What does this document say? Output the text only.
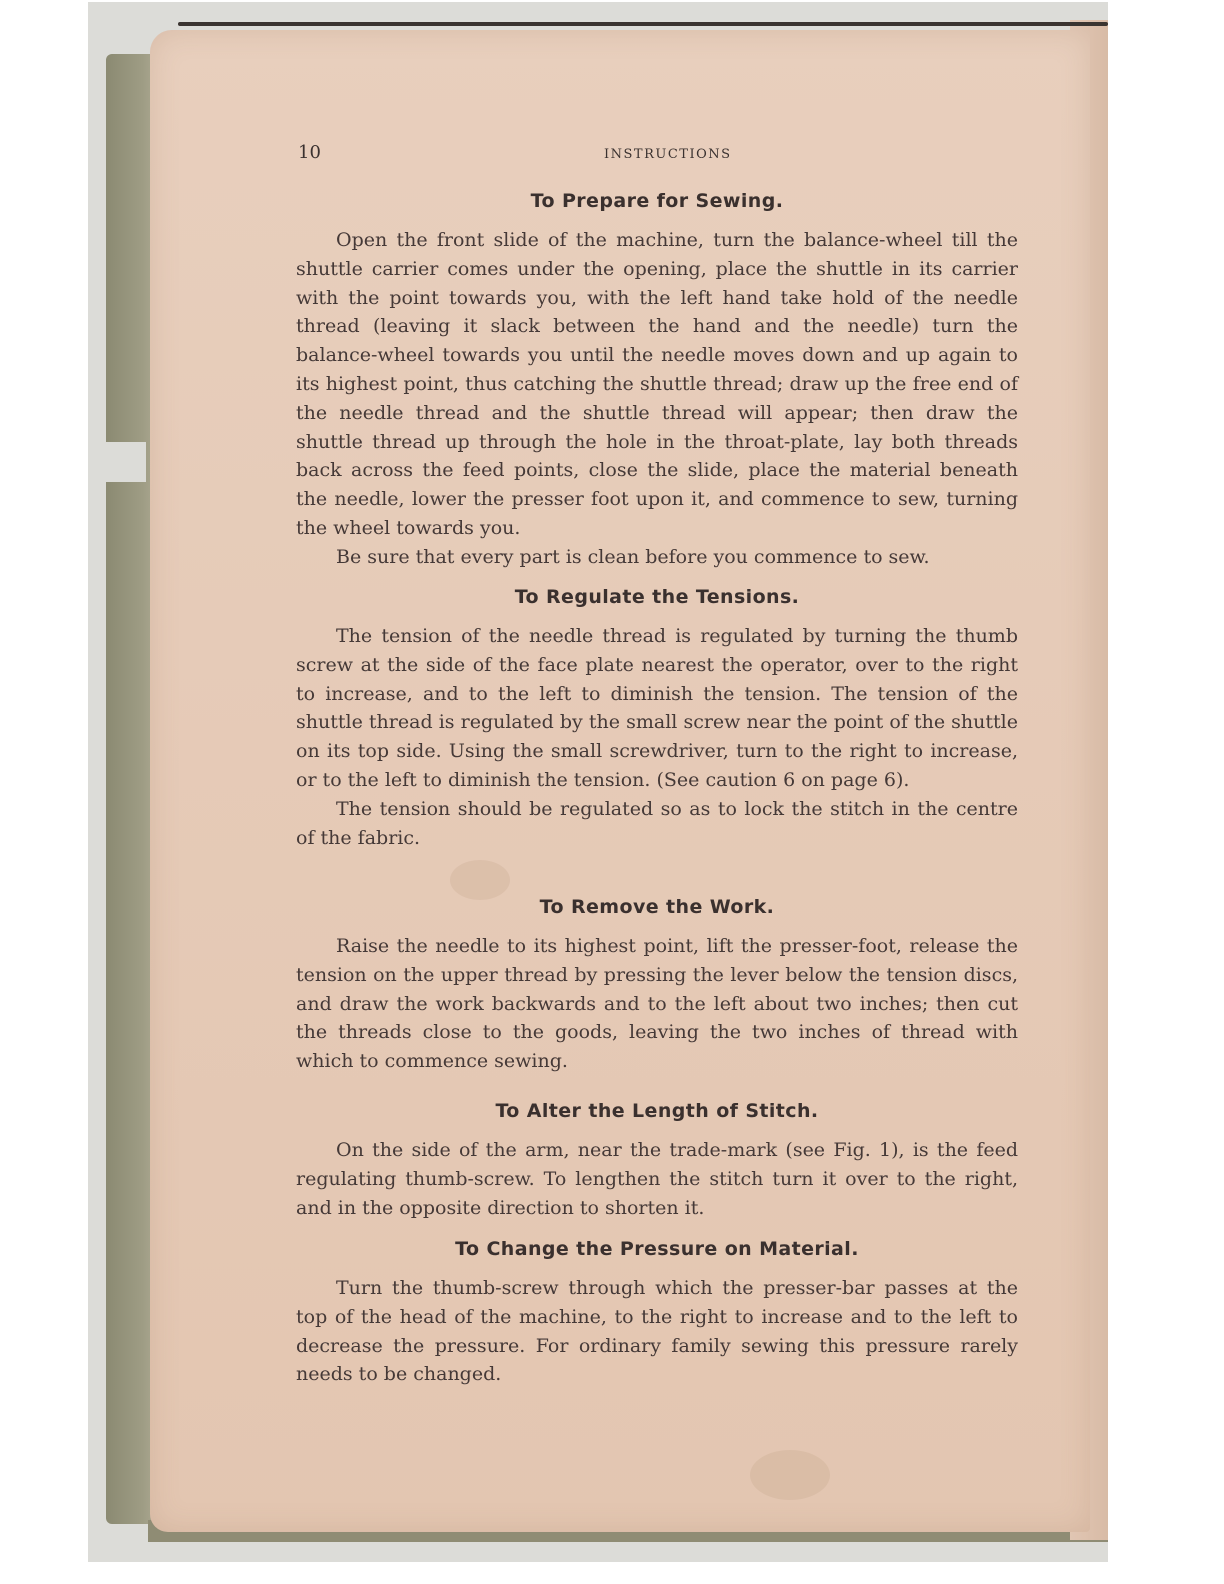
10	INSTRUCTIONS
To Prepare for Sewing.

Open the front slide of the machine, turn the balance-wheel till the shuttle carrier comes under the opening, place the shuttle in its carrier with the point towards you, with the left hand take hold of the needle thread (leaving it slack between the hand and the needle) turn the balance-wheel towards you until the needle moves down and up again to its highest point, thus catching the shuttle thread; draw up the free end of the needle thread and the shuttle thread will appear; then draw the shuttle thread up through the hole in the throat-plate, lay both threads back across the feed points, close the slide, place the material beneath the needle, lower the presser foot upon it, and commence to sew, turning the wheel towards you.

Be sure that every part is clean before you commence to sew.

To Regulate the Tensions.

The tension of the needle thread is regulated by turning the thumb screw at the side of the face plate nearest the operator, over to the right to increase, and to the left to diminish the tension. The tension of the shuttle thread is regulated by the small screw near the point of the shuttle on its top side. Using the small screwdriver, turn to the right to increase, or to the left to diminish the tension. (See caution 6 on page 6).

The tension should be regulated so as to lock the stitch in the centre of the fabric.

To Remove the Work.

Raise the needle to its highest point, lift the presser-foot, release the tension on the upper thread by pressing the lever below the tension discs, and draw the work backwards and to the left about two inches; then cut the threads close to the goods, leaving the two inches of thread with which to commence sewing.

To Alter the Length of Stitch.

On the side of the arm, near the trade-mark (see Fig. 1), is the feed regulating thumb-screw. To lengthen the stitch turn it over to the right, and in the opposite direction to shorten it.

To Change the Pressure on Material.

Turn the thumb-screw through which the presser-bar passes at the top of the head of the machine, to the right to increase and to the left to decrease the pressure. For ordinary family sewing this pressure rarely needs to be changed.
